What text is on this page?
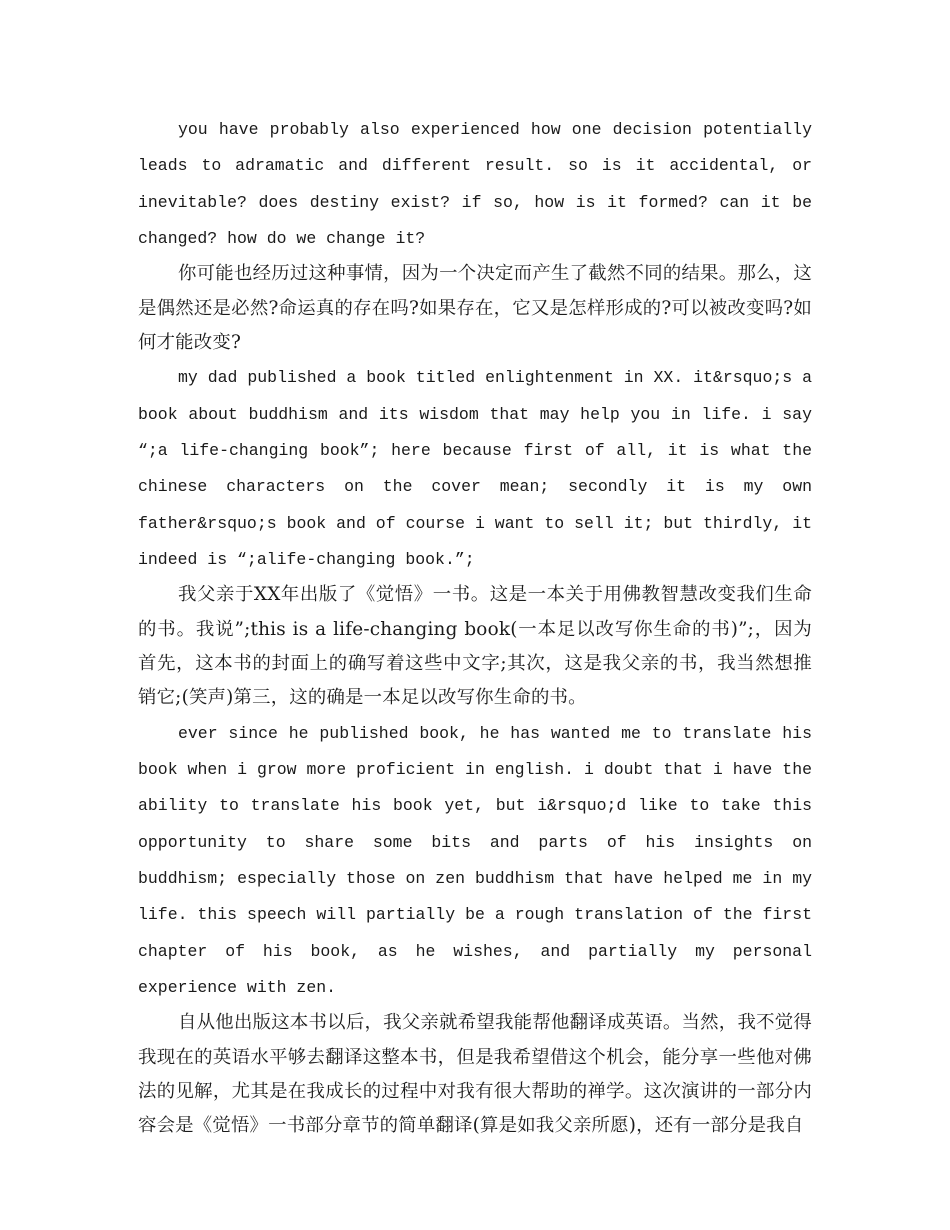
you have probably also experienced how one decision potentially leads to adramatic and different result. so is it accidental, or inevitable? does destiny exist? if so, how is it formed? can it be changed? how do we change it?

你可能也经历过这种事情，因为一个决定而产生了截然不同的结果。那么，这是偶然还是必然?命运真的存在吗?如果存在，它又是怎样形成的?可以被改变吗?如何才能改变?

my dad published a book titled enlightenment in XX. it&rsquo;s a book about buddhism and its wisdom that may help you in life. i say “;a life-changing book”; here because first of all, it is what the chinese characters on the cover mean; secondly it is my own father&rsquo;s book and of course i want to sell it; but thirdly, it indeed is “;alife-changing book.”;

我父亲于XX年出版了《觉悟》一书。这是一本关于用佛教智慧改变我们生命的书。我说”;this is a life-changing book(一本足以改写你生命的书)”;，因为首先，这本书的封面上的确写着这些中文字;其次，这是我父亲的书，我当然想推销它;(笑声)第三，这的确是一本足以改写你生命的书。

ever since he published book, he has wanted me to translate his book when i grow more proficient in english. i doubt that i have the ability to translate his book yet, but i&rsquo;d like to take this opportunity to share some bits and parts of his insights on buddhism; especially those on zen buddhism that have helped me in my life. this speech will partially be a rough translation of the first chapter of his book, as he wishes, and partially my personal experience with zen.

自从他出版这本书以后，我父亲就希望我能帮他翻译成英语。当然，我不觉得我现在的英语水平够去翻译这整本书，但是我希望借这个机会，能分享一些他对佛法的见解，尤其是在我成长的过程中对我有很大帮助的禅学。这次演讲的一部分内容会是《觉悟》一书部分章节的简单翻译(算是如我父亲所愿)，还有一部分是我自
